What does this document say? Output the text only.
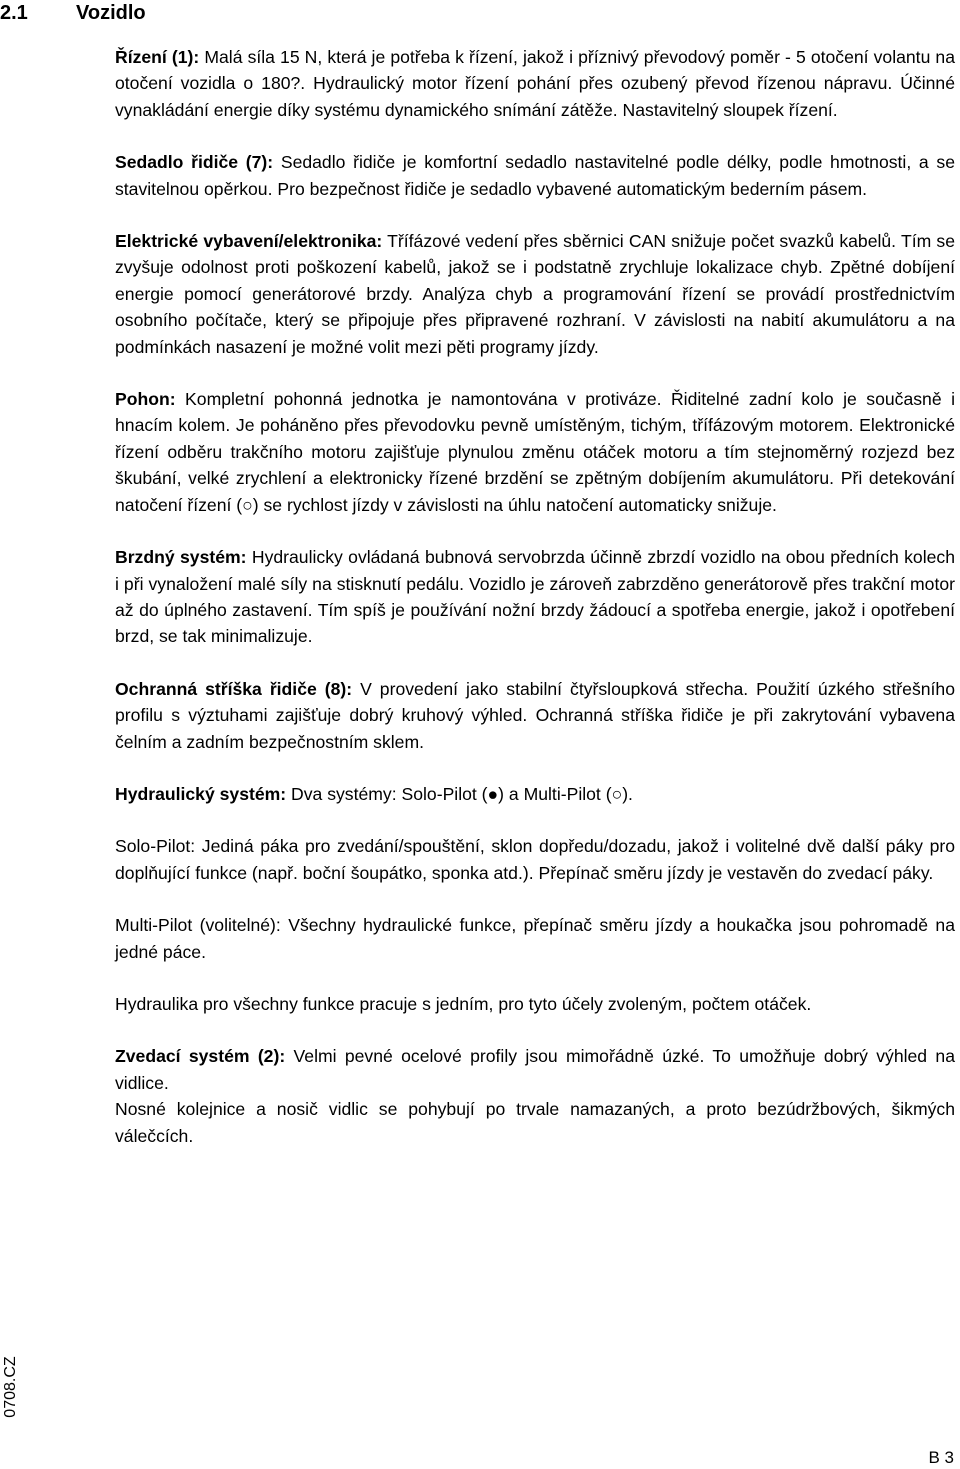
2.1 Vozidlo

Řízení (1): Malá síla 15 N, která je potřeba k řízení, jakož i příznivý převodový poměr - 5 otočení volantu na otočení vozidla o 180?. Hydraulický motor řízení pohání přes ozubený převod řízenou nápravu. Účinné vynakládání energie díky systému dynamického snímání zátěže. Nastavitelný sloupek řízení.

Sedadlo řidiče (7): Sedadlo řidiče je komfortní sedadlo nastavitelné podle délky, podle hmotnosti, a se stavitelnou opěrkou. Pro bezpečnost řidiče je sedadlo vybavené automatickým bederním pásem.

Elektrické vybavení/elektronika: Třífázové vedení přes sběrnici CAN snižuje počet svazků kabelů. Tím se zvyšuje odolnost proti poškození kabelů, jakož se i podstatně zrychluje lokalizace chyb. Zpětné dobíjení energie pomocí generátorové brzdy. Analýza chyb a programování řízení se provádí prostřednictvím osobního počítače, který se připojuje přes připravené rozhraní. V závislosti na nabití akumulátoru a na podmínkách nasazení je možné volit mezi pěti programy jízdy.

Pohon: Kompletní pohonná jednotka je namontována v protiváze. Řiditelné zadní kolo je současně i hnacím kolem. Je poháněno přes převodovku pevně umístěným, tichým, třífázovým motorem. Elektronické řízení odběru trakčního motoru zajišťuje plynulou změnu otáček motoru a tím stejnoměrný rozjezd bez škubání, velké zrychlení a elektronicky řízené brzdění se zpětným dobíjením akumulátoru. Při detekování natočení řízení (○) se rychlost jízdy v závislosti na úhlu natočení automaticky snižuje.

Brzdný systém: Hydraulicky ovládaná bubnová servobrzda účinně zbrzdí vozidlo na obou předních kolech i při vynaložení malé síly na stisknutí pedálu. Vozidlo je zároveň zabrzděno generátorově přes trakční motor až do úplného zastavení. Tím spíš je používání nožní brzdy žádoucí a spotřeba energie, jakož i opotřebení brzd, se tak minimalizuje.

Ochranná stříška řidiče (8): V provedení jako stabilní čtyřsloupková střecha. Použití úzkého střešního profilu s výztuhami zajišťuje dobrý kruhový výhled. Ochranná stříška řidiče je při zakrytování vybavena čelním a zadním bezpečnostním sklem.

Hydraulický systém: Dva systémy: Solo-Pilot (●) a Multi-Pilot (○).

Solo-Pilot: Jediná páka pro zvedání/spouštění, sklon dopředu/dozadu, jakož i volitelné dvě další páky pro doplňující funkce (např. boční šoupátko, sponka atd.). Přepínač směru jízdy je vestavěn do zvedací páky.

Multi-Pilot (volitelné): Všechny hydraulické funkce, přepínač směru jízdy a houkačka jsou pohromadě na jedné páce.

Hydraulika pro všechny funkce pracuje s jedním, pro tyto účely zvoleným, počtem otáček.

Zvedací systém (2): Velmi pevné ocelové profily jsou mimořádně úzké. To umožňuje dobrý výhled na vidlice.

Nosné kolejnice a nosič vidlic se pohybují po trvale namazaných, a proto bezúdržbových, šikmých válečcích.

0708.CZ
B 3
